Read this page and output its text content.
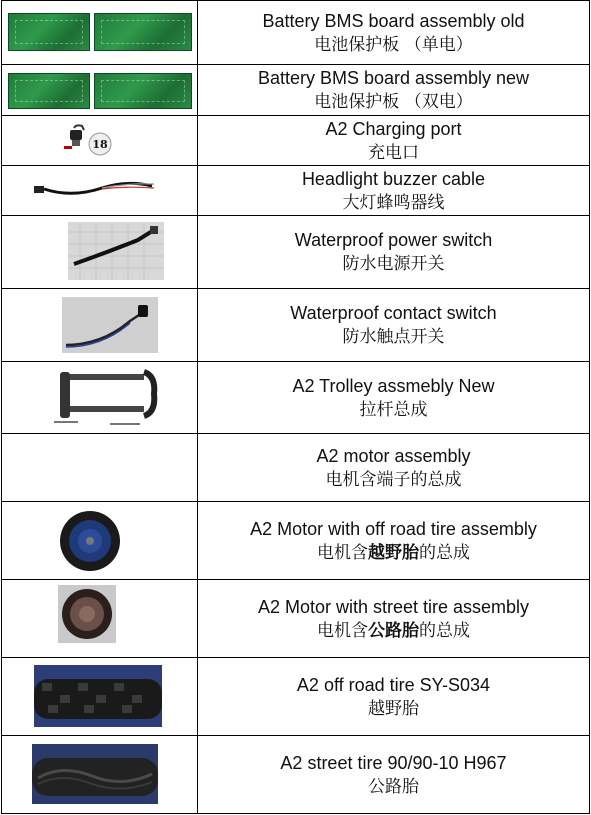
	Battery BMS board assembly old
电池保护板 （单电）

	Battery BMS board assembly new
电池保护板 （双电）

18	A2 Charging port
充电口

Headlight buzzer cable
大灯蜂鸣器线

Waterproof power switch
防水电源开关

Waterproof contact switch
防水触点开关

A2 Trolley assmebly New
拉杆总成

	A2 motor assembly
电机含端子的总成

A2 Motor with off road tire assembly
电机含越野胎的总成

A2 Motor with street tire assembly
电机含公路胎的总成

A2 off road tire SY-S034
越野胎

A2 street tire 90/90-10 H967
公路胎
